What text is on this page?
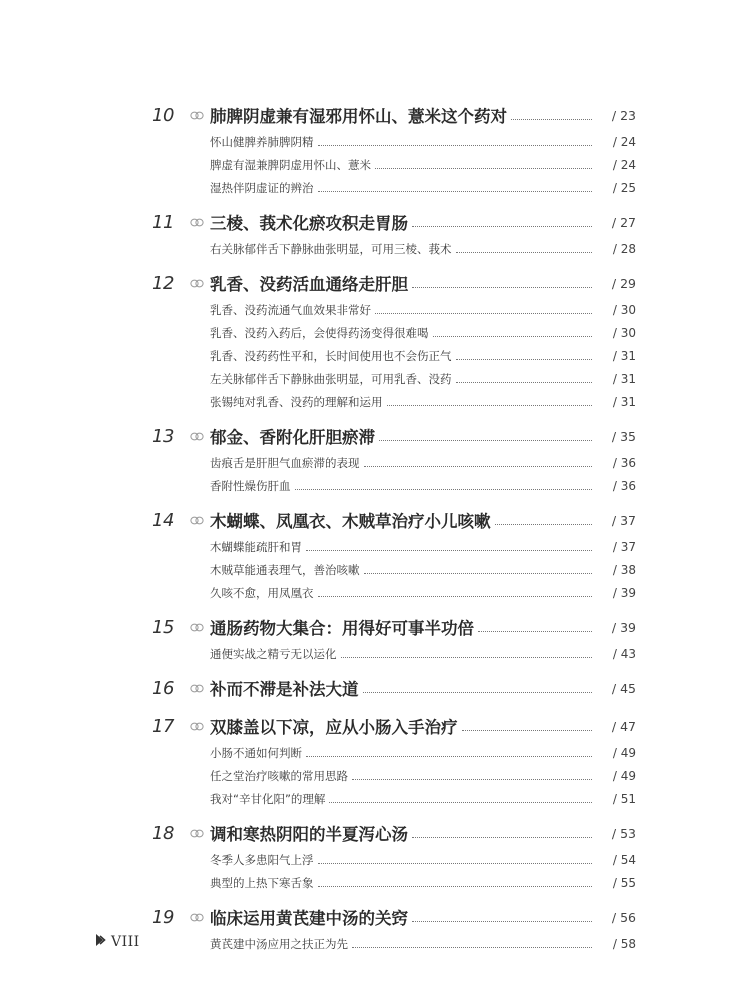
10	肺脾阴虚兼有湿邪用怀山、薏米这个药对	/ 23
怀山健脾养肺脾阴精	/ 24
脾虚有湿兼脾阴虚用怀山、薏米	/ 24
湿热伴阴虚证的辨治	/ 25
11	三棱、莪术化瘀攻积走胃肠	/ 27
右关脉郁伴舌下静脉曲张明显，可用三棱、莪术	/ 28
12	乳香、没药活血通络走肝胆	/ 29
乳香、没药流通气血效果非常好	/ 30
乳香、没药入药后，会使得药汤变得很难喝	/ 30
乳香、没药药性平和，长时间使用也不会伤正气	/ 31
左关脉郁伴舌下静脉曲张明显，可用乳香、没药	/ 31
张锡纯对乳香、没药的理解和运用	/ 31
13	郁金、香附化肝胆瘀滞	/ 35
齿痕舌是肝胆气血瘀滞的表现	/ 36
香附性燥伤肝血	/ 36
14	木蝴蝶、凤凰衣、木贼草治疗小儿咳嗽	/ 37
木蝴蝶能疏肝和胃	/ 37
木贼草能通表理气，善治咳嗽	/ 38
久咳不愈，用凤凰衣	/ 39
15	通肠药物大集合：用得好可事半功倍	/ 39
通便实战之精亏无以运化	/ 43
16	补而不滞是补法大道	/ 45
17	双膝盖以下凉，应从小肠入手治疗	/ 47
小肠不通如何判断	/ 49
任之堂治疗咳嗽的常用思路	/ 49
我对“辛甘化阳”的理解	/ 51
18	调和寒热阴阳的半夏泻心汤	/ 53
冬季人多患阳气上浮	/ 54
典型的上热下寒舌象	/ 55
19	临床运用黄芪建中汤的关窍	/ 56
黄芪建中汤应用之扶正为先	/ 58
VIII
